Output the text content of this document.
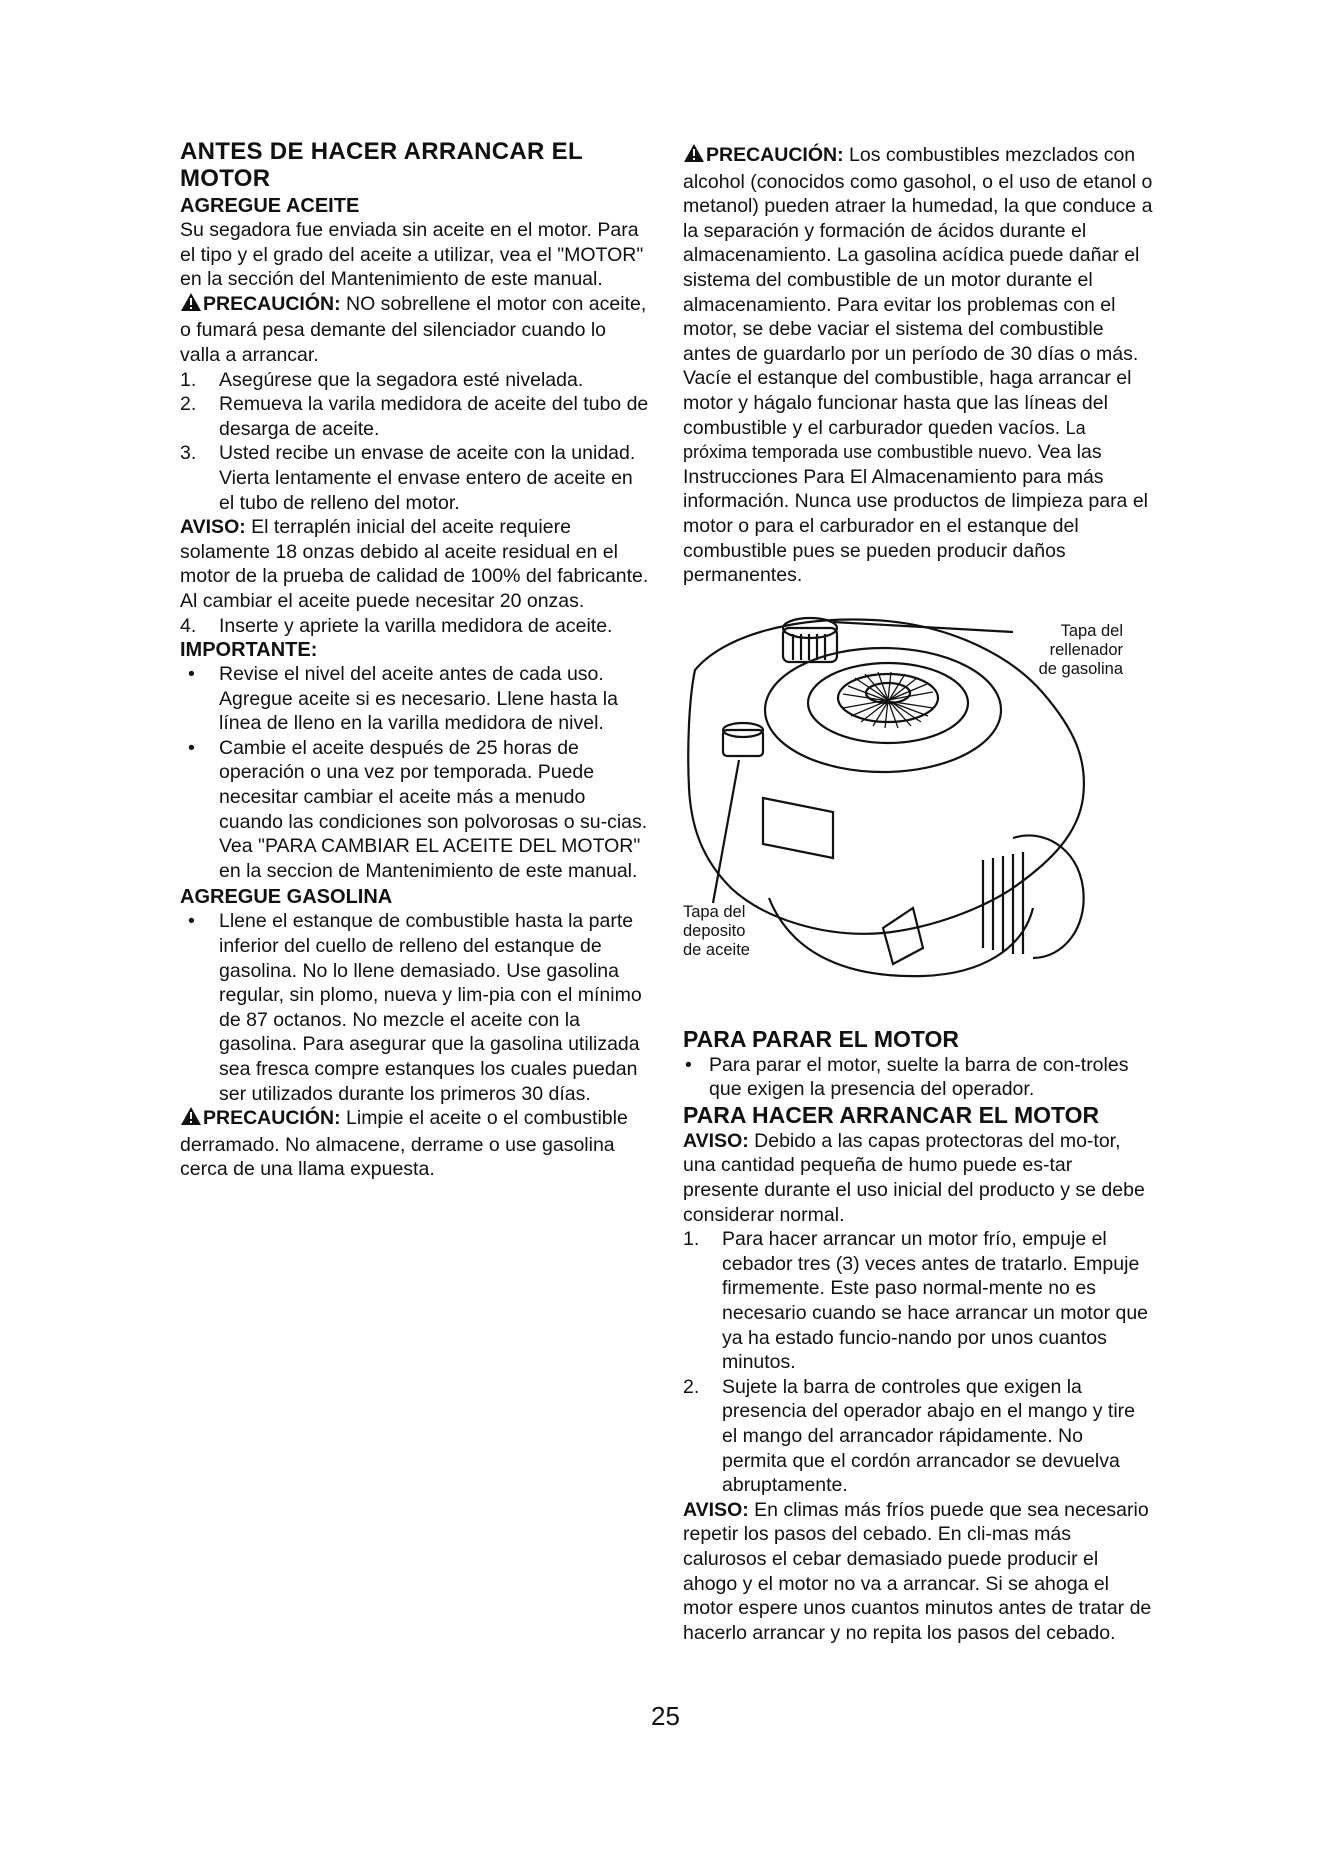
ANTES DE HACER ARRANCAR EL MOTOR
AGREGUE ACEITE

Su segadora fue enviada sin aceite en el motor. Para el tipo y el grado del aceite a utilizar, vea el "MOTOR" en la sección del Mantenimiento de este manual.

PRECAUCIÓN: NO sobrellene el motor con aceite, o fumará pesa demante del silenciador cuando lo valla a arrancar.

1. Asegúrese que la segadora esté nivelada.
2. Remueva la varila medidora de aceite del tubo de desarga de aceite.
3. Usted recibe un envase de aceite con la unidad. Vierta lentamente el envase entero de aceite en el tubo de relleno del motor.

AVISO: El terraplén inicial del aceite requiere solamente 18 onzas debido al aceite residual en el motor de la prueba de calidad de 100% del fabricante. Al cambiar el aceite puede necesitar 20 onzas.

4. Inserte y apriete la varilla medidora de aceite.
IMPORTANTE:
• Revise el nivel del aceite antes de cada uso. Agregue aceite si es necesario. Llene hasta la línea de lleno en la varilla medidora de nivel.
• Cambie el aceite después de 25 horas de operación o una vez por temporada. Puede necesitar cambiar el aceite más a menudo cuando las condiciones son polvorosas o su-cias. Vea "PARA CAMBIAR EL ACEITE DEL MOTOR" en la seccion de Mantenimiento de este manual.
AGREGUE GASOLINA
• Llene el estanque de combustible hasta la parte inferior del cuello de relleno del estanque de gasolina. No lo llene demasiado. Use gasolina regular, sin plomo, nueva y lim-pia con el mínimo de 87 octanos. No mezcle el aceite con la gasolina. Para asegurar que la gasolina utilizada sea fresca compre estanques los cuales puedan ser utilizados durante los primeros 30 días.

PRECAUCIÓN: Limpie el aceite o el combustible derramado. No almacene, derrame o use gasolina cerca de una llama expuesta.

PRECAUCIÓN: Los combustibles mezclados con alcohol (conocidos como gasohol, o el uso de etanol o metanol) pueden atraer la humedad, la que conduce a la separación y formación de ácidos durante el almacenamiento. La gasolina acídica puede dañar el sistema del combustible de un motor durante el almacenamiento. Para evitar los problemas con el motor, se debe vaciar el sistema del combustible antes de guardarlo por un período de 30 días o más. Vacíe el estanque del combustible, haga arrancar el motor y hágalo funcionar hasta que las líneas del combustible y el carburador queden vacíos. La próxima temporada use combustible nuevo. Vea las Instrucciones Para El Almacenamiento para más información. Nunca use productos de limpieza para el motor o para el carburador en el estanque del combustible pues se pueden producir daños permanentes.

Tapa del
rellenador
de gasolina
Tapa del
deposito
de aceite
PARA PARAR EL MOTOR
• Para parar el motor, suelte la barra de con-troles que exigen la presencia del operador.
PARA HACER ARRANCAR EL MOTOR

AVISO: Debido a las capas protectoras del mo-tor, una cantidad pequeña de humo puede es-tar presente durante el uso inicial del producto y se debe considerar normal.

1. Para hacer arrancar un motor frío, empuje el cebador tres (3) veces antes de tratarlo. Empuje firmemente. Este paso normal-mente no es necesario cuando se hace arrancar un motor que ya ha estado funcio-nando por unos cuantos minutos.
2. Sujete la barra de controles que exigen la presencia del operador abajo en el mango y tire el mango del arrancador rápidamente. No permita que el cordón arrancador se devuelva abruptamente.

AVISO: En climas más fríos puede que sea necesario repetir los pasos del cebado. En cli-mas más calurosos el cebar demasiado puede producir el ahogo y el motor no va a arrancar. Si se ahoga el motor espere unos cuantos minutos antes de tratar de hacerlo arrancar y no repita los pasos del cebado.

25
